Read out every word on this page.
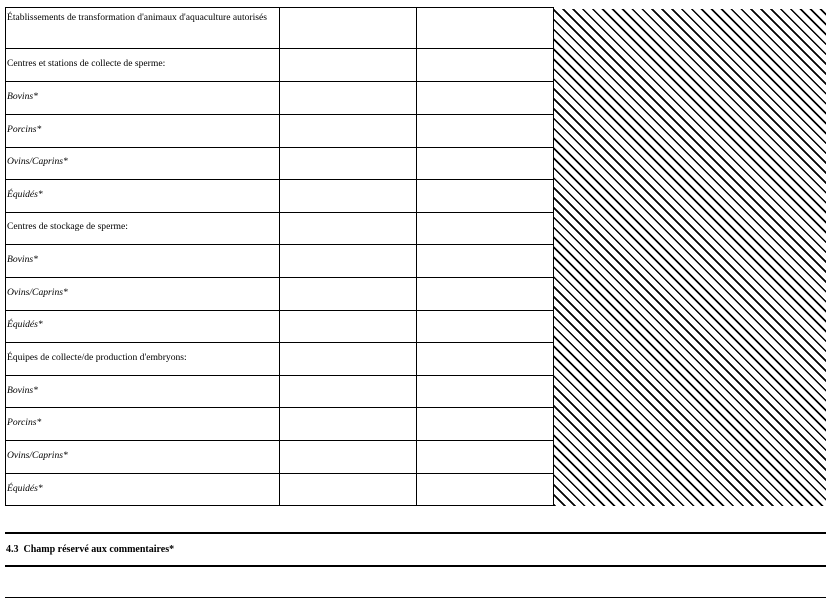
Établissements de transformation d'animaux d'aquaculture autorisés
Centres et stations de collecte de sperme:
Bovins*
Porcins*
Ovins/Caprins*
Équidés*
Centres de stockage de sperme:
Bovins*
Ovins/Caprins*
Équidés*
Équipes de collecte/de production d'embryons:
Bovins*
Porcins*
Ovins/Caprins*
Équidés*
4.3 Champ réservé aux commentaires*
